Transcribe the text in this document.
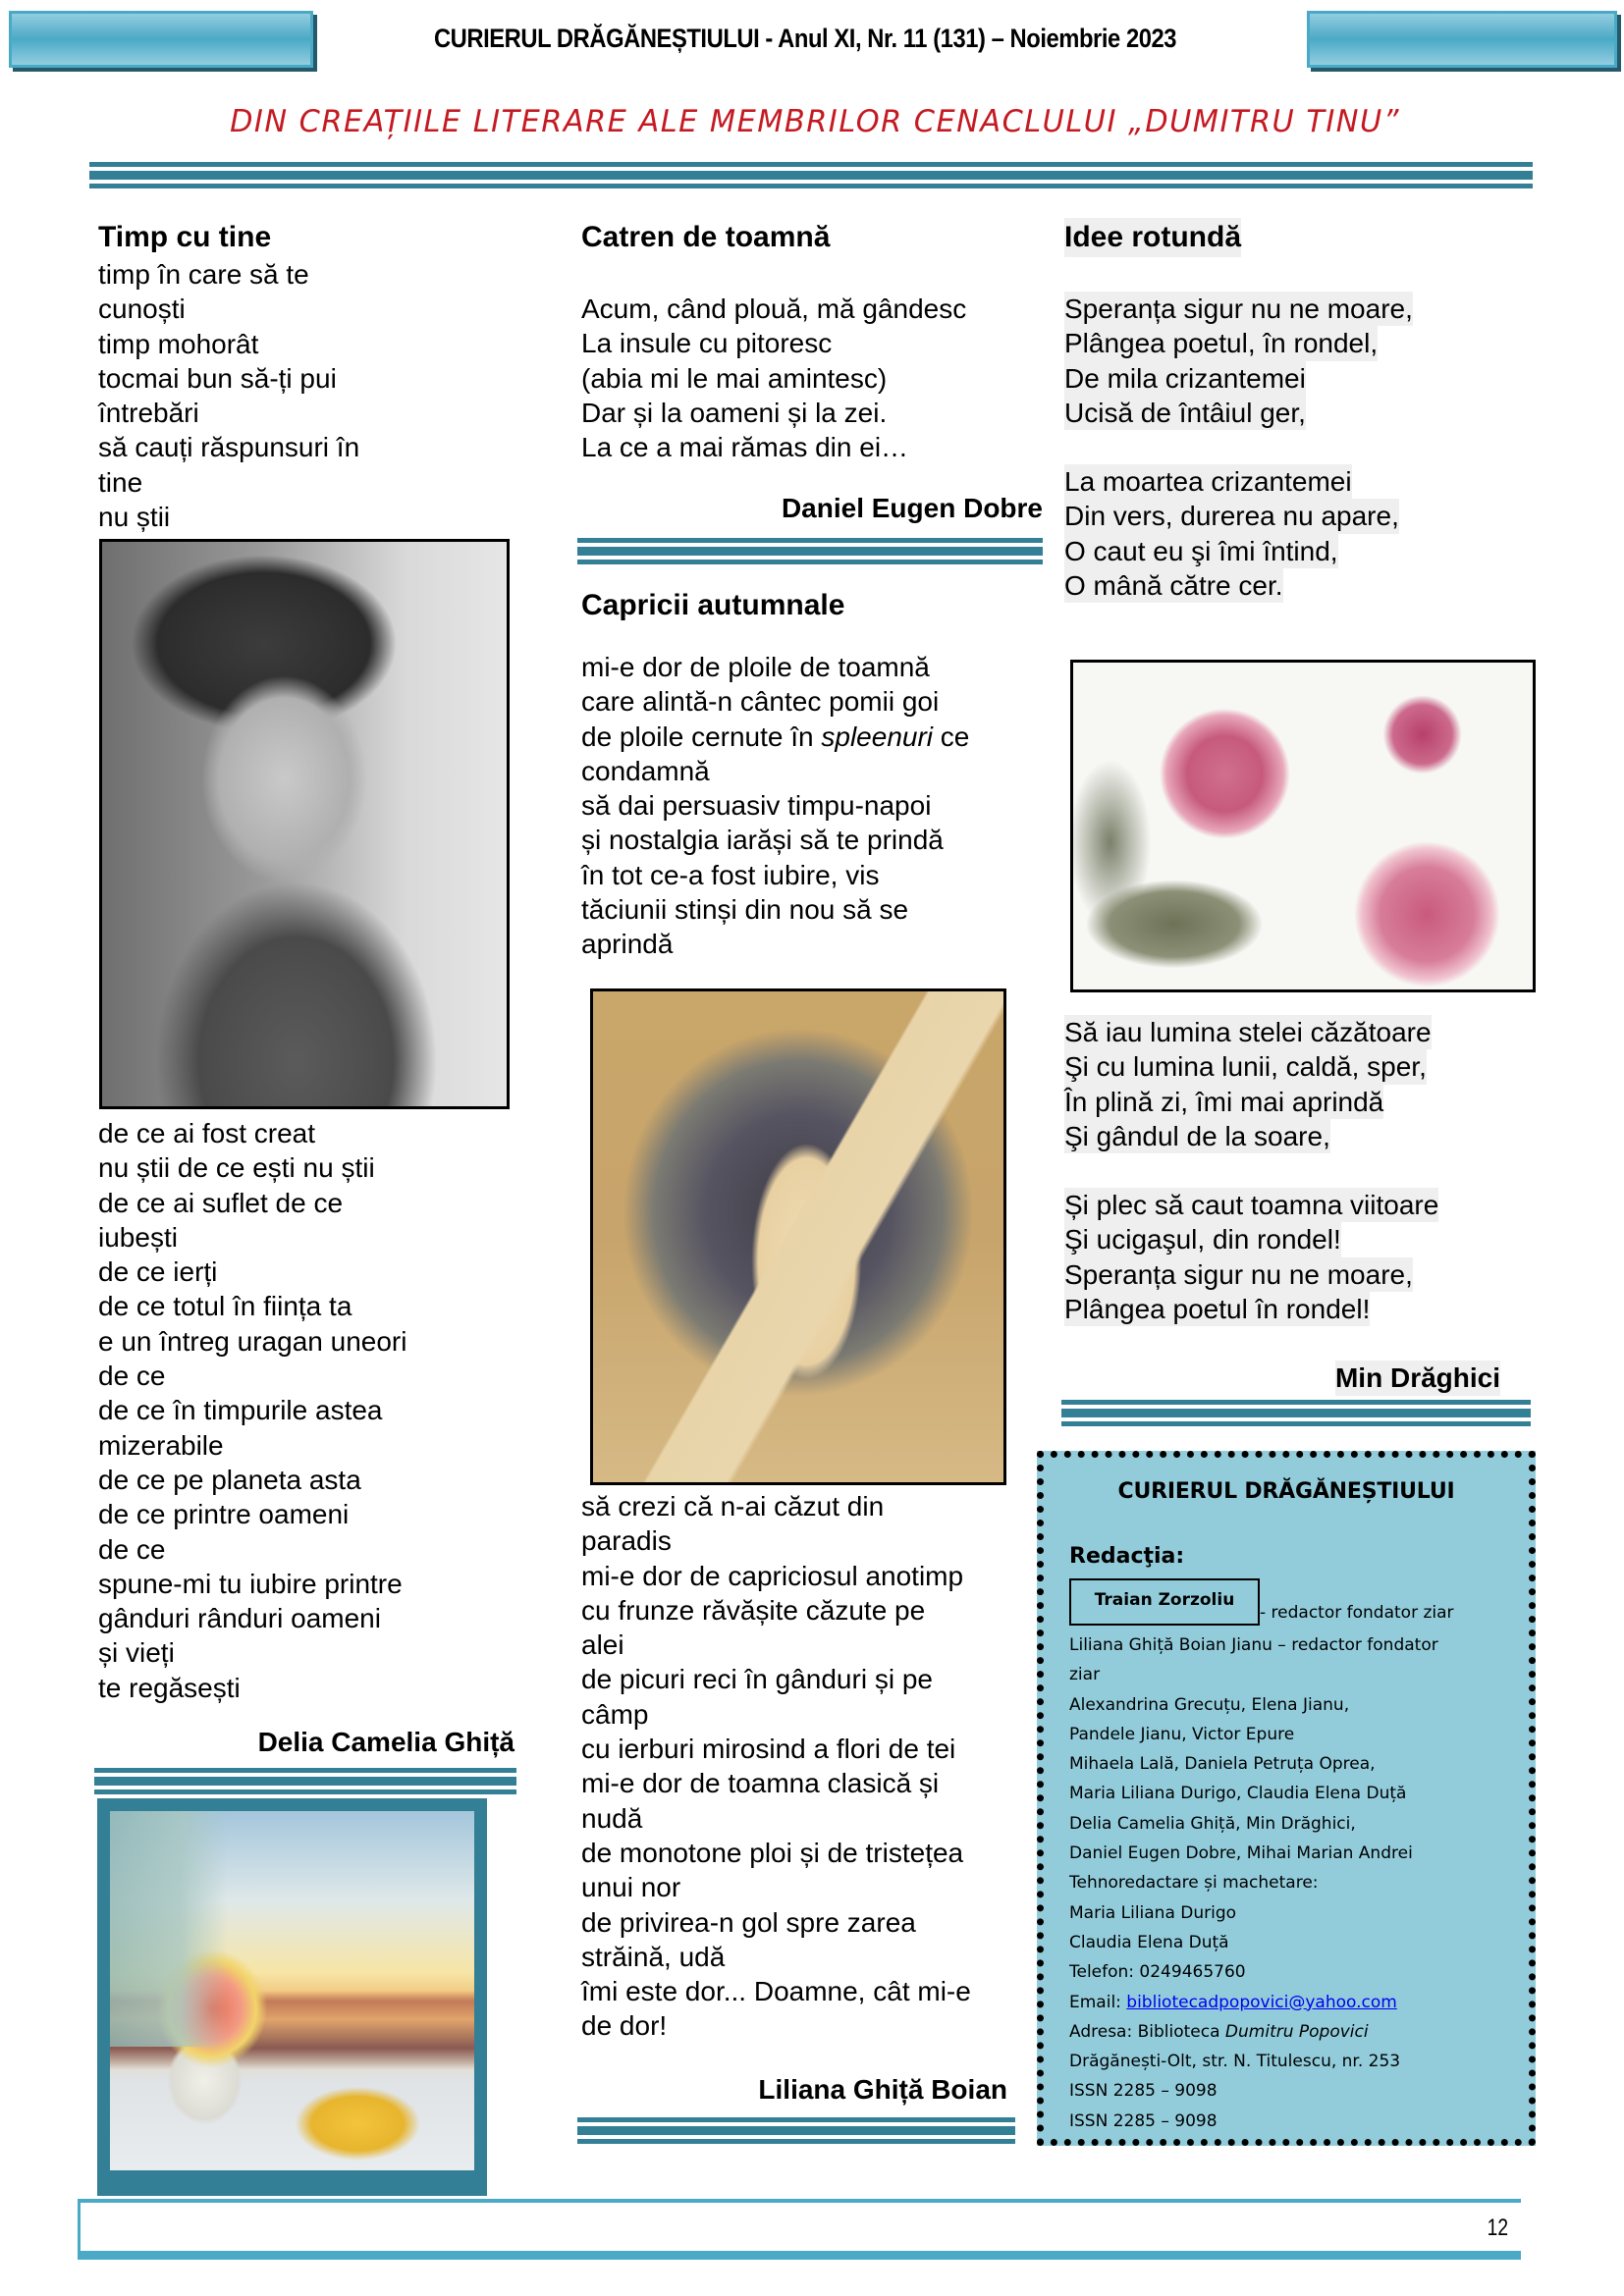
CURIERUL DRĂGĂNEȘTIULUI - Anul XI, Nr. 11 (131) – Noiembrie 2023
DIN CREAȚIILE LITERARE ALE MEMBRILOR CENACLULUI „DUMITRU TINU”
Timp cu tine
timp în care să te
cunoști
timp mohorât
tocmai bun să-ți pui
întrebări
să cauți răspunsuri în
tine
nu știi
de ce ai fost creat
nu știi de ce ești nu știi
de ce ai suflet de ce
iubești
de ce ierți
de ce totul în ființa ta
e un întreg uragan uneori
de ce
de ce în timpurile astea
mizerabile
de ce pe planeta asta
de ce printre oameni
de ce
spune-mi tu iubire printre
gânduri rânduri oameni
și vieți
te regăsești
Delia Camelia Ghiță
Catren de toamnă
Acum, când plouă, mă gândesc
La insule cu pitoresc
(abia mi le mai amintesc)
Dar și la oameni și la zei.
La ce a mai rămas din ei…
Daniel Eugen Dobre
Capricii autumnale
mi-e dor de ploile de toamnă
care alintă-n cântec pomii goi
de ploile cernute în spleenuri ce
condamnă
să dai persuasiv timpu-napoi
și nostalgia iarăși să te prindă
în tot ce-a fost iubire, vis
tăciunii stinși din nou să se
aprindă
să crezi că n-ai căzut din
paradis
mi-e dor de capriciosul anotimp
cu frunze răvășite căzute pe
alei
de picuri reci în gânduri și pe
câmp
cu ierburi mirosind a flori de tei
mi-e dor de toamna clasică și
nudă
de monotone ploi și de tristețea
unui nor
de privirea-n gol spre zarea
străină, udă
îmi este dor... Doamne, cât mi-e
de dor!
Liliana Ghiță Boian
Idee rotundă
Speranța sigur nu ne moare,
Plângea poetul, în rondel,
De mila crizantemei
Ucisă de întâiul ger,
La moartea crizantemei
Din vers, durerea nu apare,
O caut eu şi îmi întind,
O mână către cer.
Să iau lumina stelei căzătoare
Şi cu lumina lunii, caldă, sper,
În plină zi, îmi mai aprindă
Şi gândul de la soare,
Și plec să caut toamna viitoare
Şi ucigaşul, din rondel!
Speranța sigur nu ne moare,
Plângea poetul în rondel!
Min Drăghici
CURIERUL DRĂGĂNEȘTIULUI
Redacţia:
Traian Zorzoliu
- redactor fondator ziar
Liliana Ghiță Boian Jianu – redactor fondator
ziar
Alexandrina Grecuțu, Elena Jianu,
Pandele Jianu, Victor Epure
Mihaela Lală, Daniela Petruța Oprea,
Maria Liliana Durigo, Claudia Elena Duță
Delia Camelia Ghiță, Min Drăghici,
Daniel Eugen Dobre, Mihai Marian Andrei
Tehnoredactare și machetare:
Maria Liliana Durigo
Claudia Elena Duță
Telefon: 0249465760
Email: bibliotecadpopovici@yahoo.com
Adresa: Biblioteca Dumitru Popovici
Drăgănești-Olt, str. N. Titulescu, nr. 253
ISSN 2285 – 9098
ISSN 2285 – 9098
12
